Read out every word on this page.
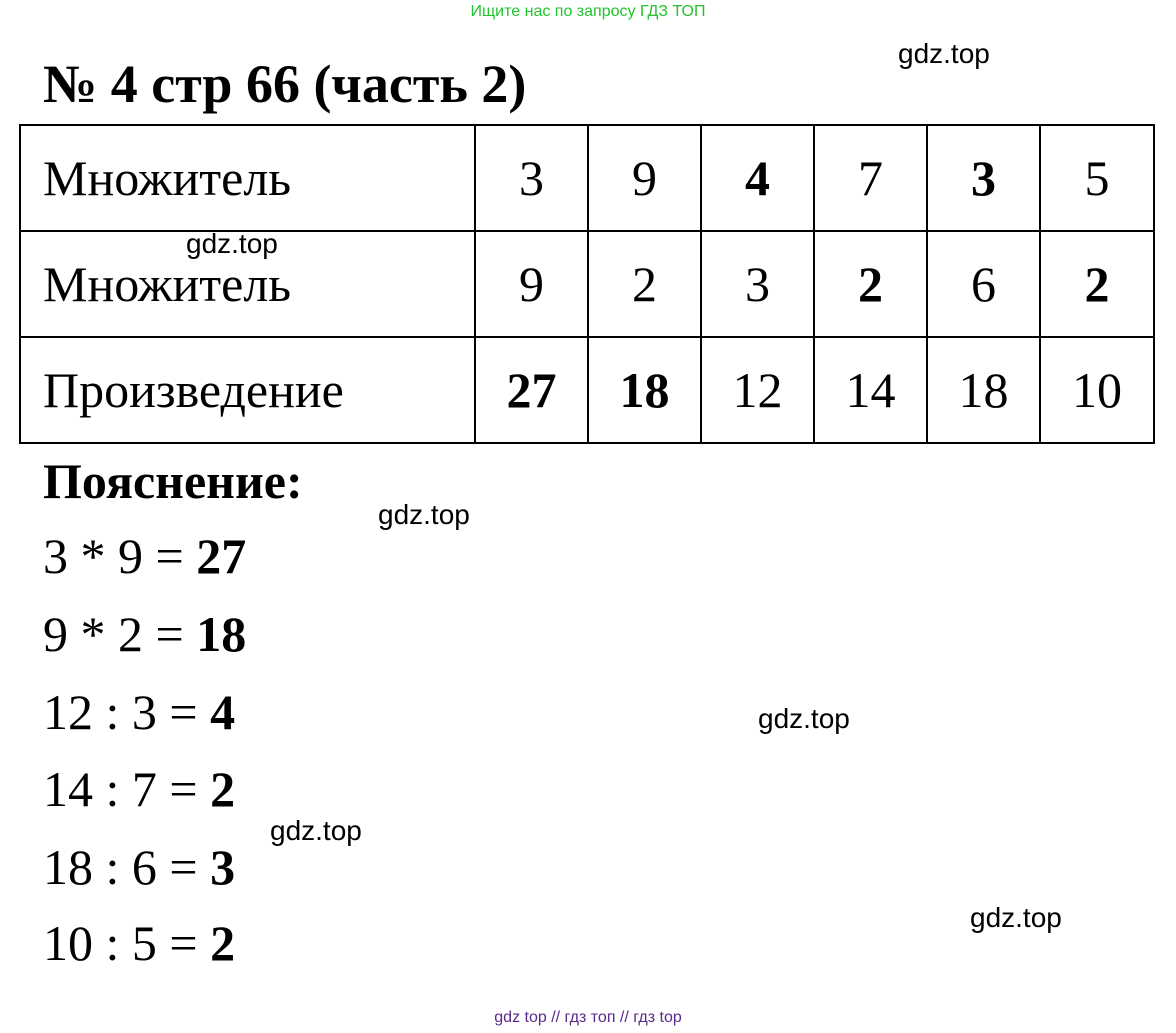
Ищите нас по запросу ГДЗ ТОП
№ 4 стр 66 (часть 2)
gdz.top
Множитель	3	9	4	7	3	5
Множитель	9	2	3	2	6	2
Произведение	27	18	12	14	18	10
gdz.top
Пояснение:
gdz.top
3 * 9 = 27
9 * 2 = 18
12 : 3 = 4
14 : 7 = 2
18 : 6 = 3
10 : 5 = 2
gdz.top
gdz.top
gdz.top
gdz top // гдз топ // гдз top
